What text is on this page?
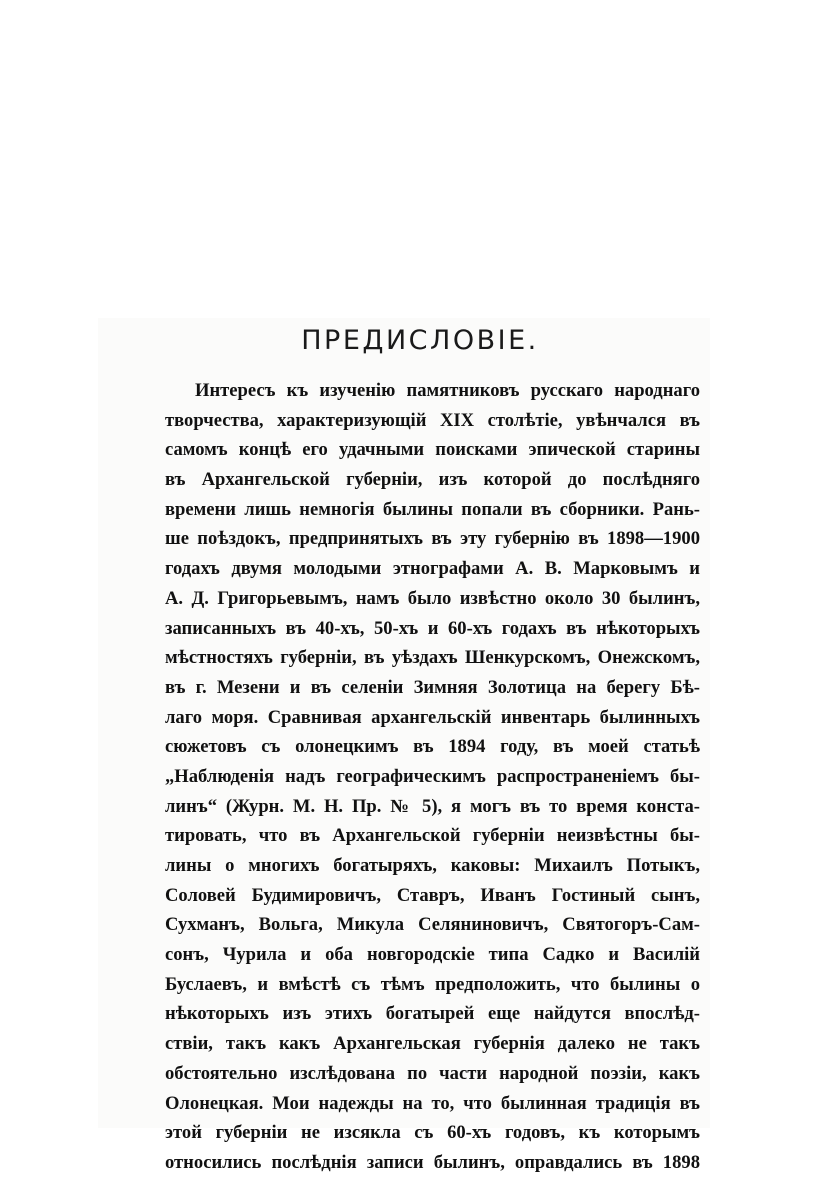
ПРЕДИСЛОВІЕ.
Интересъ къ изученію памятниковъ русскаго народнаго
творчества, характеризующій XIX столѣтіе, увѣнчался въ
самомъ концѣ его удачными поисками эпической старины
въ Архангельской губерніи, изъ которой до послѣдняго
времени лишь немногія былины попали въ сборники. Рань-
ше поѣздокъ, предпринятыхъ въ эту губернію въ 1898—1900
годахъ двумя молодыми этнографами А. В. Марковымъ и
А. Д. Григорьевымъ, намъ было извѣстно около 30 былинъ,
записанныхъ въ 40-хъ, 50-хъ и 60-хъ годахъ въ нѣкоторыхъ
мѣстностяхъ губерніи, въ уѣздахъ Шенкурскомъ, Онежскомъ,
въ г. Мезени и въ селеніи Зимняя Золотица на берегу Бѣ-
лаго моря. Сравнивая архангельскій инвентарь былинныхъ
сюжетовъ съ олонецкимъ въ 1894 году, въ моей статьѣ
„Наблюденія надъ географическимъ распространеніемъ бы-
линъ“ (Журн. М. Н. Пр. № 5), я могъ въ то время конста-
тировать, что въ Архангельской губерніи неизвѣстны бы-
лины о многихъ богатыряхъ, каковы: Михаилъ Потыкъ,
Соловей Будимировичъ, Ставръ, Иванъ Гостиный сынъ,
Сухманъ, Вольга, Микула Селяниновичъ, Святогоръ-Сам-
сонъ, Чурила и оба новгородскіе типа Садко и Василій
Буслаевъ, и вмѣстѣ съ тѣмъ предположить, что былины о
нѣкоторыхъ изъ этихъ богатырей еще найдутся впослѣд-
ствіи, такъ какъ Архангельская губернія далеко не такъ
обстоятельно изслѣдована по части народной поэзіи, какъ
Олонецкая. Мои надежды на то, что былинная традиція въ
этой губерніи не изсякла съ 60-хъ годовъ, къ которымъ
относились послѣднія записи былинъ, оправдались въ 1898
